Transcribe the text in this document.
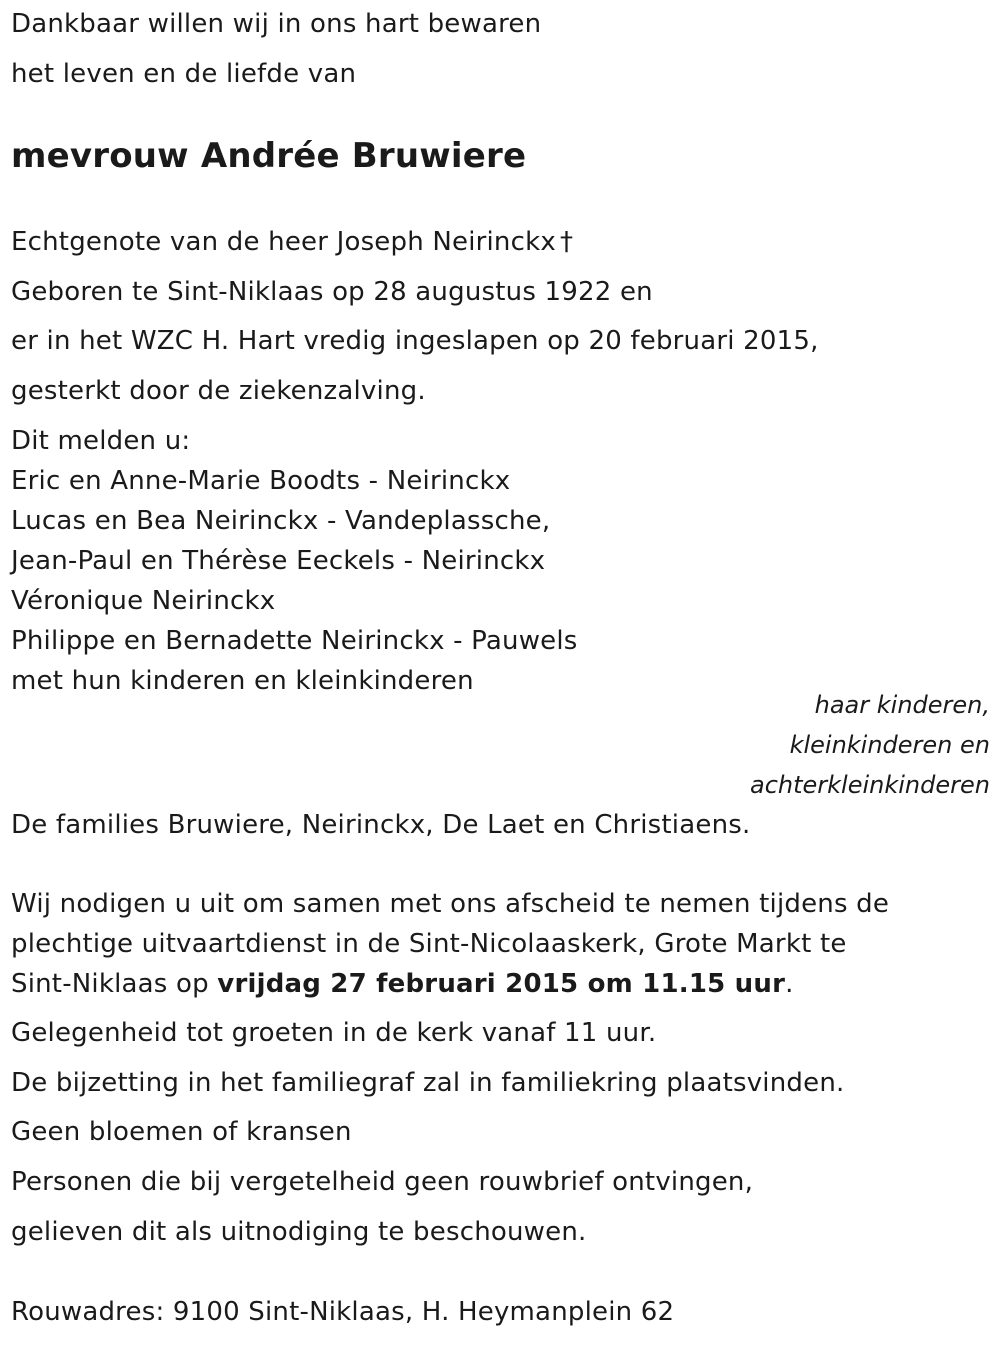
Dankbaar willen wij in ons hart bewaren
het leven en de liefde van
mevrouw Andrée Bruwiere
Echtgenote van de heer Joseph Neirinckx †
Geboren te Sint-Niklaas op 28 augustus 1922 en
er in het WZC H. Hart vredig ingeslapen op 20 februari 2015,
gesterkt door de ziekenzalving.
Dit melden u:
Eric en Anne-Marie Boodts - Neirinckx
Lucas en Bea Neirinckx - Vandeplassche,
Jean-Paul en Thérèse Eeckels - Neirinckx
Véronique Neirinckx
Philippe en Bernadette Neirinckx - Pauwels
met hun kinderen en kleinkinderen
haar kinderen,
kleinkinderen en
achterkleinkinderen
De families Bruwiere, Neirinckx, De Laet en Christiaens.
Wij nodigen u uit om samen met ons afscheid te nemen tijdens de
plechtige uitvaartdienst in de Sint-Nicolaaskerk, Grote Markt te
Sint-Niklaas op vrijdag 27 februari 2015 om 11.15 uur.
Gelegenheid tot groeten in de kerk vanaf 11 uur.
De bijzetting in het familiegraf zal in familiekring plaatsvinden.
Geen bloemen of kransen
Personen die bij vergetelheid geen rouwbrief ontvingen,
gelieven dit als uitnodiging te beschouwen.
Rouwadres: 9100 Sint-Niklaas, H. Heymanplein 62
